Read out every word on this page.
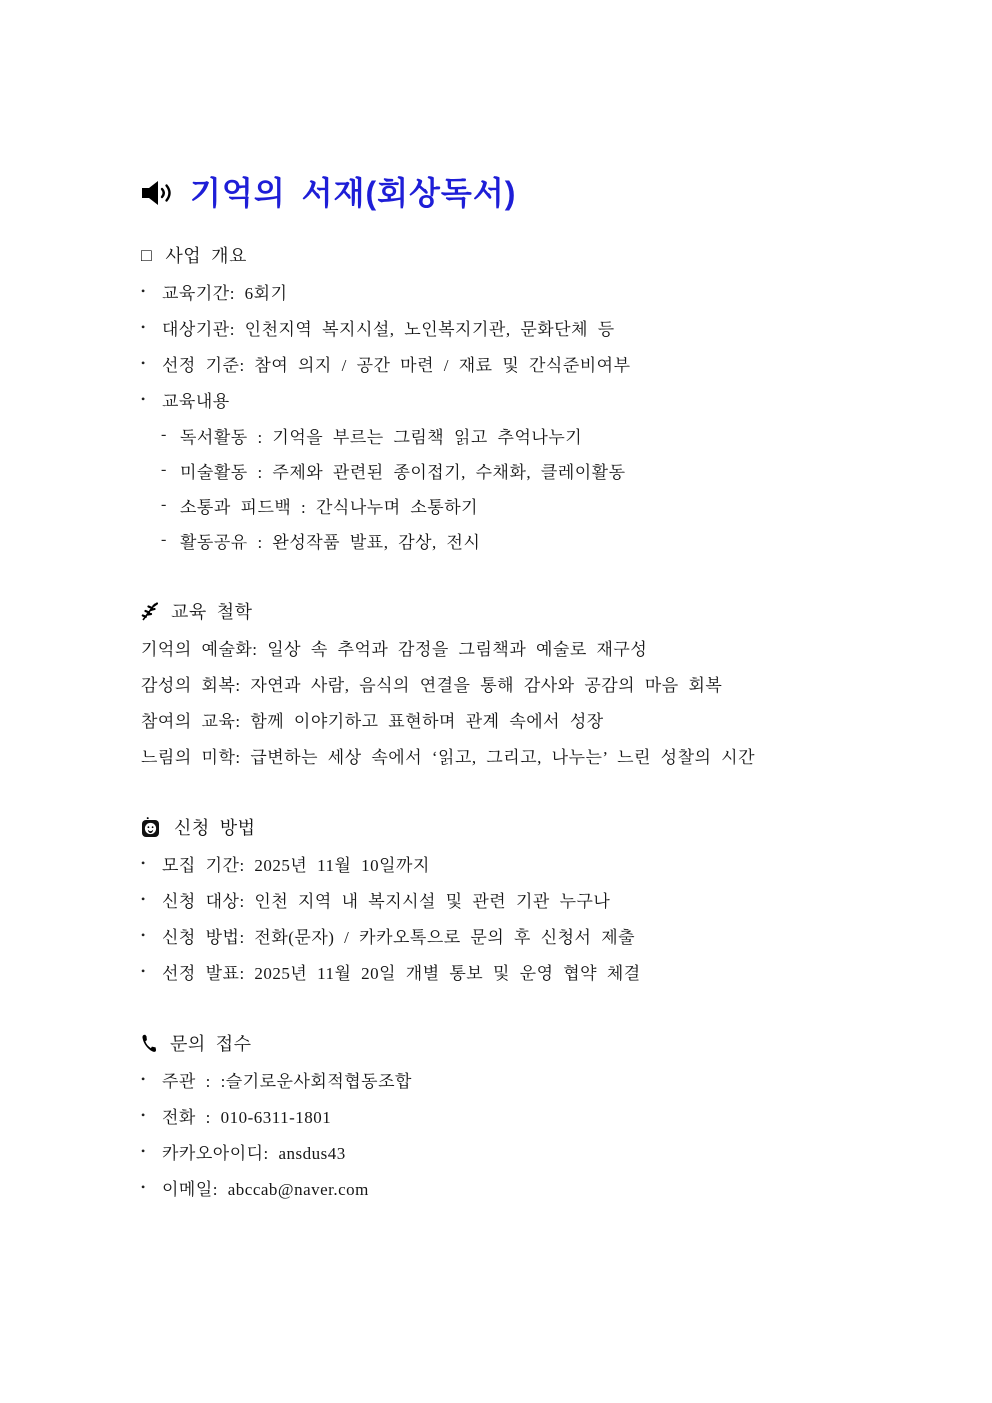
기억의 서재(회상독서)
□ 사업 개요
• 교육기간: 6회기
• 대상기관: 인천지역 복지시설, 노인복지기관, 문화단체 등
• 선정 기준: 참여 의지 / 공간 마련 / 재료 및 간식준비여부
• 교육내용
- 독서활동 : 기억을 부르는 그림책 읽고 추억나누기
- 미술활동 : 주제와 관련된 종이접기, 수채화, 클레이활동
- 소통과 피드백 : 간식나누며 소통하기
- 활동공유 : 완성작품 발표, 감상, 전시
교육 철학
기억의 예술화: 일상 속 추억과 감정을 그림책과 예술로 재구성
감성의 회복: 자연과 사람, 음식의 연결을 통해 감사와 공감의 마음 회복
참여의 교육: 함께 이야기하고 표현하며 관계 속에서 성장
느림의 미학: 급변하는 세상 속에서 ‘읽고, 그리고, 나누는’ 느린 성찰의 시간
신청 방법
• 모집 기간: 2025년 11월 10일까지
• 신청 대상: 인천 지역 내 복지시설 및 관련 기관 누구나
• 신청 방법: 전화(문자) / 카카오톡으로 문의 후 신청서 제출
• 선정 발표: 2025년 11월 20일 개별 통보 및 운영 협약 체결
문의 접수
• 주관 : :슬기로운사회적협동조합
• 전화 : 010-6311-1801
• 카카오아이디: ansdus43
• 이메일: abccab@naver.com
